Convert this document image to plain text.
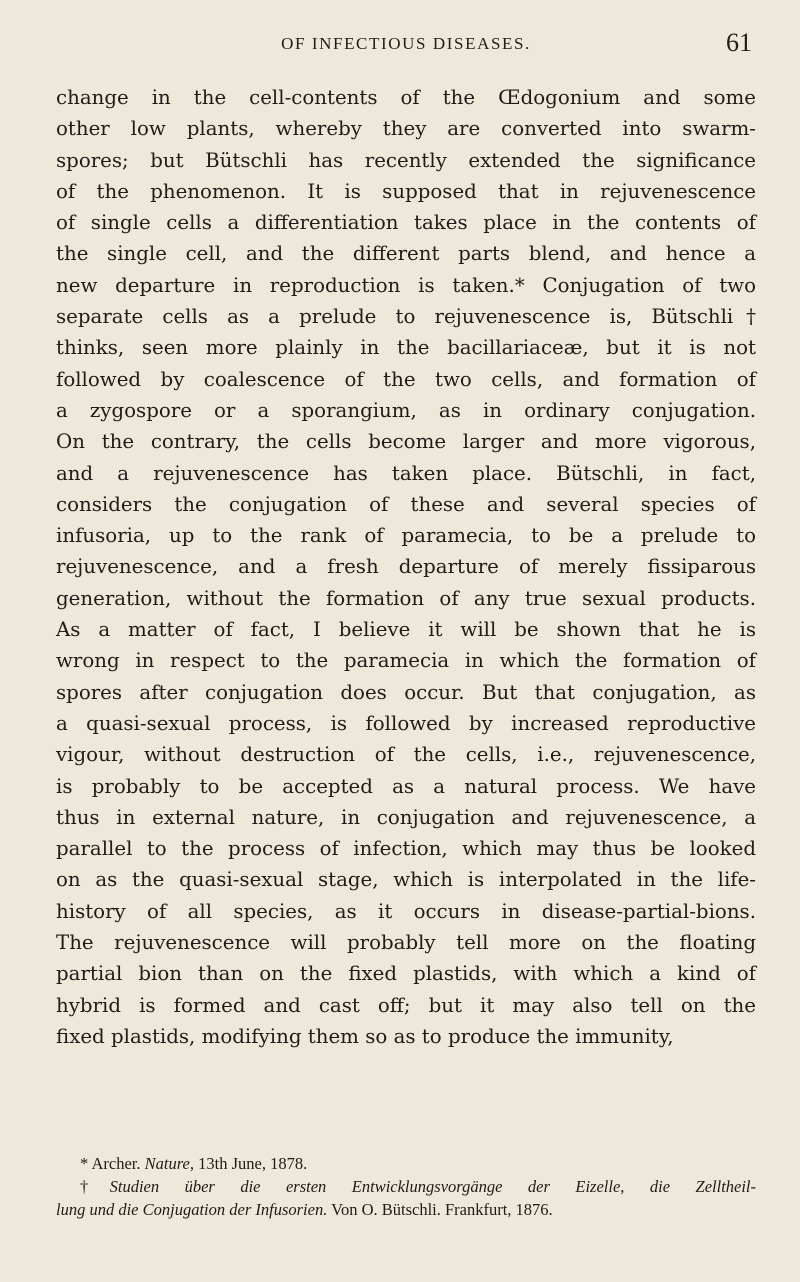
OF INFECTIOUS DISEASES.	61
change in the cell-contents of the Œdogonium and some
other low plants, whereby they are converted into swarm-
spores; but Bütschli has recently extended the significance
of the phenomenon. It is supposed that in rejuvenescence
of single cells a differentiation takes place in the contents of
the single cell, and the different parts blend, and hence a
new departure in reproduction is taken.* Conjugation of two
separate cells as a prelude to rejuvenescence is, Bütschli†
thinks, seen more plainly in the bacillariaceæ, but it is not
followed by coalescence of the two cells, and formation of
a zygospore or a sporangium, as in ordinary conjugation.
On the contrary, the cells become larger and more vigorous,
and a rejuvenescence has taken place. Bütschli, in fact,
considers the conjugation of these and several species of
infusoria, up to the rank of paramecia, to be a prelude to
rejuvenescence, and a fresh departure of merely fissiparous
generation, without the formation of any true sexual products.
As a matter of fact, I believe it will be shown that he is
wrong in respect to the paramecia in which the formation of
spores after conjugation does occur. But that conjugation, as
a quasi-sexual process, is followed by increased reproductive
vigour, without destruction of the cells, i.e., rejuvenescence,
is probably to be accepted as a natural process. We have
thus in external nature, in conjugation and rejuvenescence, a
parallel to the process of infection, which may thus be looked
on as the quasi-sexual stage, which is interpolated in the life-
history of all species, as it occurs in disease-partial-bions.
The rejuvenescence will probably tell more on the floating
partial bion than on the fixed plastids, with which a kind of
hybrid is formed and cast off; but it may also tell on the
fixed plastids, modifying them so as to produce the immunity,
* Archer. Nature, 13th June, 1878.
†Studien über die ersten Entwicklungsvorgänge der Eizelle, die Zelltheil-
lung und die Conjugation der Infusorien. Von O. Bütschli. Frankfurt, 1876.
